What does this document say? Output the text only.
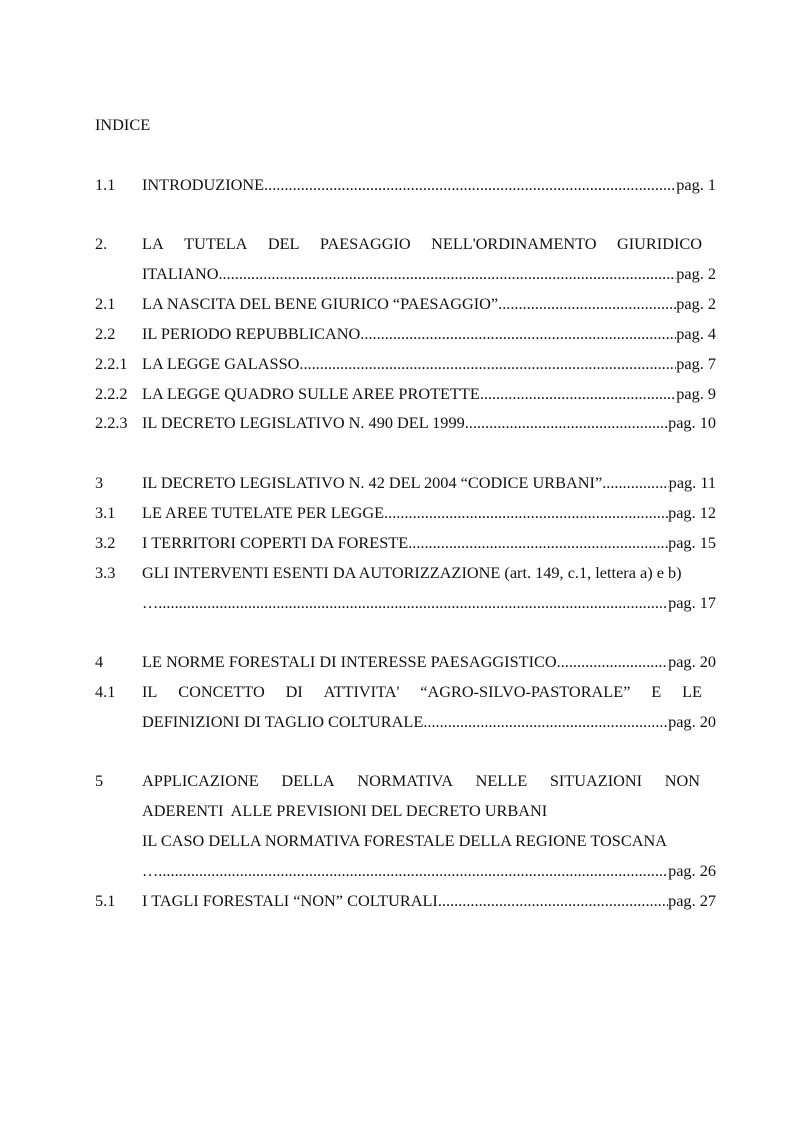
INDICE
1.1 INTRODUZIONE .....	pag. 1
2. LA TUTELA DEL PAESAGGIO NELL'ORDINAMENTO GIURIDICO
ITALIANO .....	pag. 2
2.1 LA NASCITA DEL BENE GIURICO “PAESAGGIO” .....	pag. 2
2.2 IL PERIODO REPUBBLICANO .....	pag. 4
2.2.1 LA LEGGE GALASSO .....	pag. 7
2.2.2 LA LEGGE QUADRO SULLE AREE PROTETTE .....	pag. 9
2.2.3 IL DECRETO LEGISLATIVO N. 490 DEL 1999 .....	pag. 10
3 IL DECRETO LEGISLATIVO N. 42 DEL 2004 “CODICE URBANI” .....	pag. 11
3.1 LE AREE TUTELATE PER LEGGE .....	pag. 12
3.2 I TERRITORI COPERTI DA FORESTE .....	pag. 15
3.3 GLI INTERVENTI ESENTI DA AUTORIZZAZIONE (art. 149, c.1, lettera a) e b)
… .....	pag. 17
4 LE NORME FORESTALI DI INTERESSE PAESAGGISTICO .....	pag. 20
4.1 IL CONCETTO DI ATTIVITA' “AGRO-SILVO-PASTORALE” E LE
DEFINIZIONI DI TAGLIO COLTURALE .....	pag. 20
5 APPLICAZIONE DELLA NORMATIVA NELLE SITUAZIONI NON
ADERENTI  ALLE PREVISIONI DEL DECRETO URBANI
IL CASO DELLA NORMATIVA FORESTALE DELLA REGIONE TOSCANA
… .....	pag. 26
5.1 I TAGLI FORESTALI “NON” COLTURALI .....	pag. 27
